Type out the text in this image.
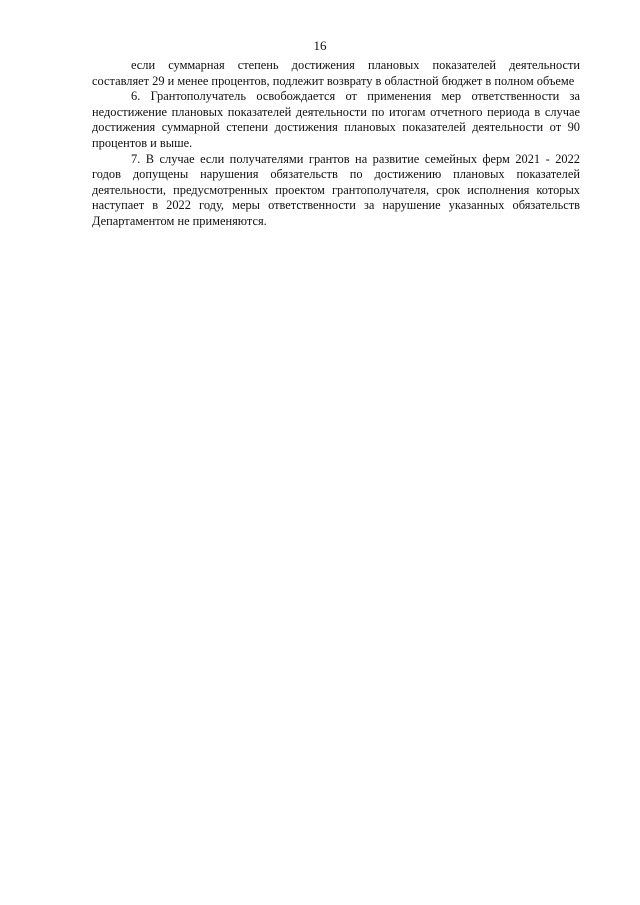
16

если суммарная степень достижения плановых показателей деятельности составляет 29 и менее процентов, подлежит возврату в областной бюджет в полном объеме

6. Грантополучатель освобождается от применения мер ответственности за недостижение плановых показателей деятельности по итогам отчетного периода в случае достижения суммарной степени достижения плановых показателей деятельности от 90 процентов и выше.

7. В случае если получателями грантов на развитие семейных ферм 2021 - 2022 годов допущены нарушения обязательств по достижению плановых показателей деятельности, предусмотренных проектом грантополучателя, срок исполнения которых наступает в 2022 году, меры ответственности за нарушение указанных обязательств Департаментом не применяются.
